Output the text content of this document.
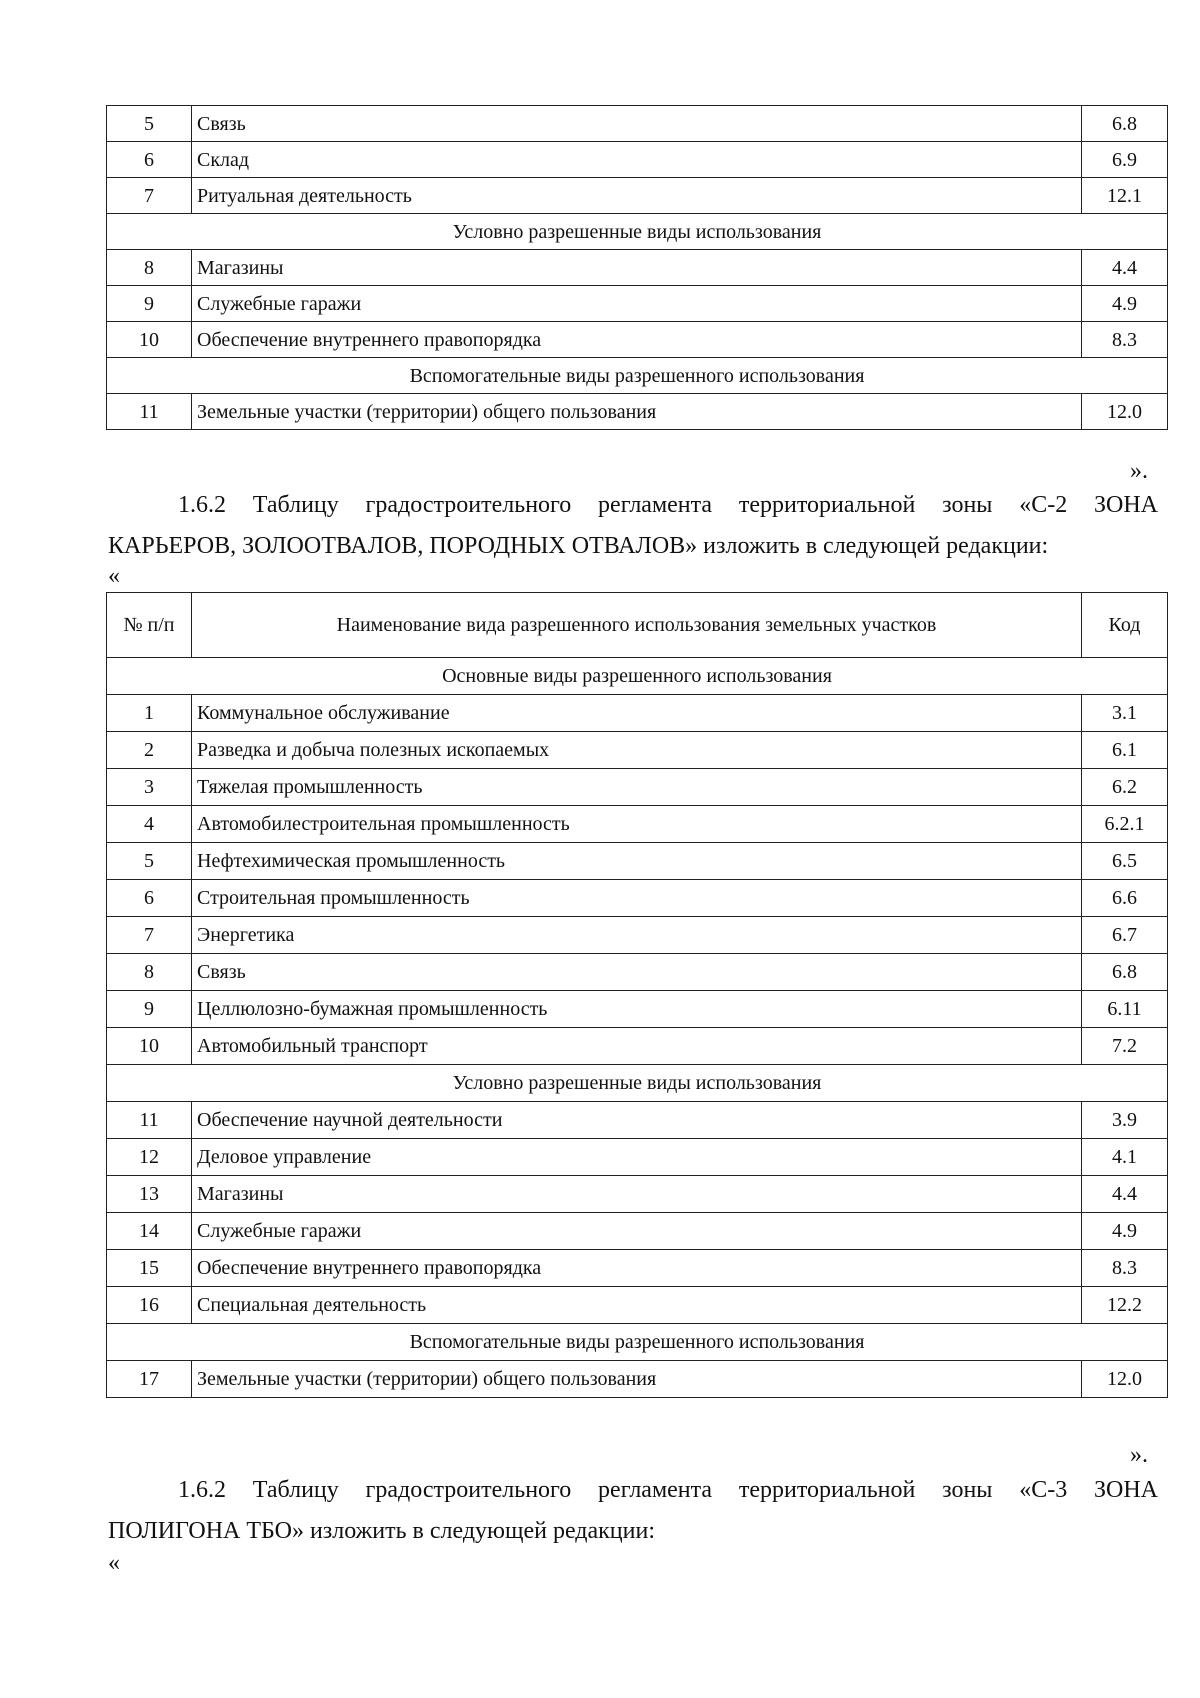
5	Связь	6.8
6	Склад	6.9
7	Ритуальная деятельность	12.1
Условно разрешенные виды использования		
8	Магазины	4.4
9	Служебные гаражи	4.9
10	Обеспечение внутреннего правопорядка	8.3
Вспомогательные виды разрешенного использования		
11	Земельные участки (территории) общего пользования	12.0
».
1.6.2 Таблицу градостроительного регламента территориальной зоны «С-2 ЗОНА
КАРЬЕРОВ, ЗОЛООТВАЛОВ, ПОРОДНЫХ ОТВАЛОВ» изложить в следующей редакции:
«
№ п/п	Наименование вида разрешенного использования земельных участков	Код
Основные виды разрешенного использования		
1	Коммунальное обслуживание	3.1
2	Разведка и добыча полезных ископаемых	6.1
3	Тяжелая промышленность	6.2
4	Автомобилестроительная промышленность	6.2.1
5	Нефтехимическая промышленность	6.5
6	Строительная промышленность	6.6
7	Энергетика	6.7
8	Связь	6.8
9	Целлюлозно-бумажная промышленность	6.11
10	Автомобильный транспорт	7.2
Условно разрешенные виды использования		
11	Обеспечение научной деятельности	3.9
12	Деловое управление	4.1
13	Магазины	4.4
14	Служебные гаражи	4.9
15	Обеспечение внутреннего правопорядка	8.3
16	Специальная деятельность	12.2
Вспомогательные виды разрешенного использования		
17	Земельные участки (территории) общего пользования	12.0
».
1.6.2 Таблицу градостроительного регламента территориальной зоны «С-3 ЗОНА
ПОЛИГОНА ТБО» изложить в следующей редакции:
«
